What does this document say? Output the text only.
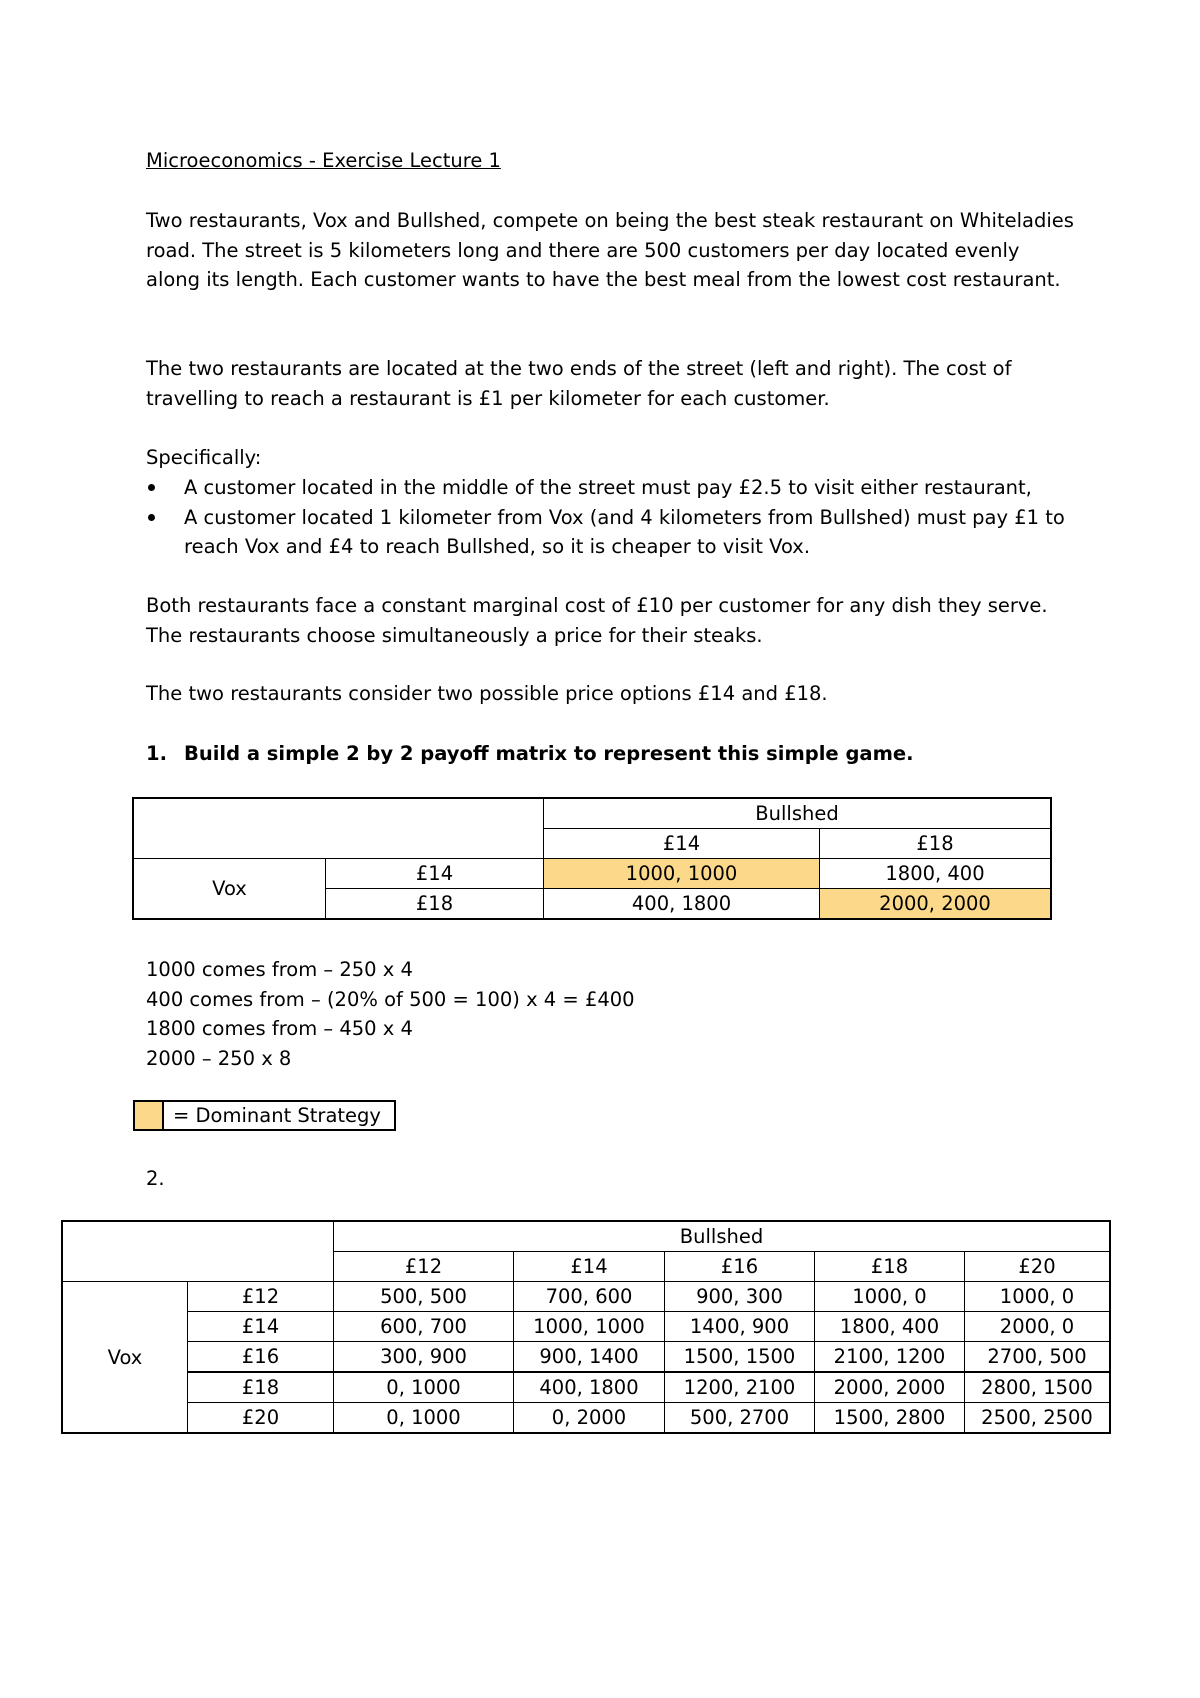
Microeconomics - Exercise Lecture 1

Two restaurants, Vox and Bullshed, compete on being the best steak restaurant on Whiteladies road. The street is 5 kilometers long and there are 500 customers per day located evenly along its length. Each customer wants to have the best meal from the lowest cost restaurant.

The two restaurants are located at the two ends of the street (left and right). The cost of travelling to reach a restaurant is £1 per kilometer for each customer.

Specifically:

A customer located in the middle of the street must pay £2.5 to visit either restaurant,
A customer located 1 kilometer from Vox (and 4 kilometers from Bullshed) must pay £1 to reach Vox and £4 to reach Bullshed, so it is cheaper to visit Vox.

Both restaurants face a constant marginal cost of £10 per customer for any dish they serve. The restaurants choose simultaneously a price for their steaks.

The two restaurants consider two possible price options £14 and £18.

1. Build a simple 2 by 2 payoff matrix to represent this simple game.
		Bullshed	
		£14	£18
Vox	£14	1000, 1000	1800, 400
	£18	400, 1800	2000, 2000
1000 comes from – 250 x 4
400 comes from – (20% of 500 = 100) x 4 = £400
1800 comes from – 450 x 4
2000 – 250 x 8
= Dominant Strategy
2.
		Bullshed				
		£12	£14	£16	£18	£20
Vox	£12	500, 500	700, 600	900, 300	1000, 0	1000, 0
	£14	600, 700	1000, 1000	1400, 900	1800, 400	2000, 0
	£16	300, 900	900, 1400	1500, 1500	2100, 1200	2700, 500
	£18	0, 1000	400, 1800	1200, 2100	2000, 2000	2800, 1500
	£20	0, 1000	0, 2000	500, 2700	1500, 2800	2500, 2500
